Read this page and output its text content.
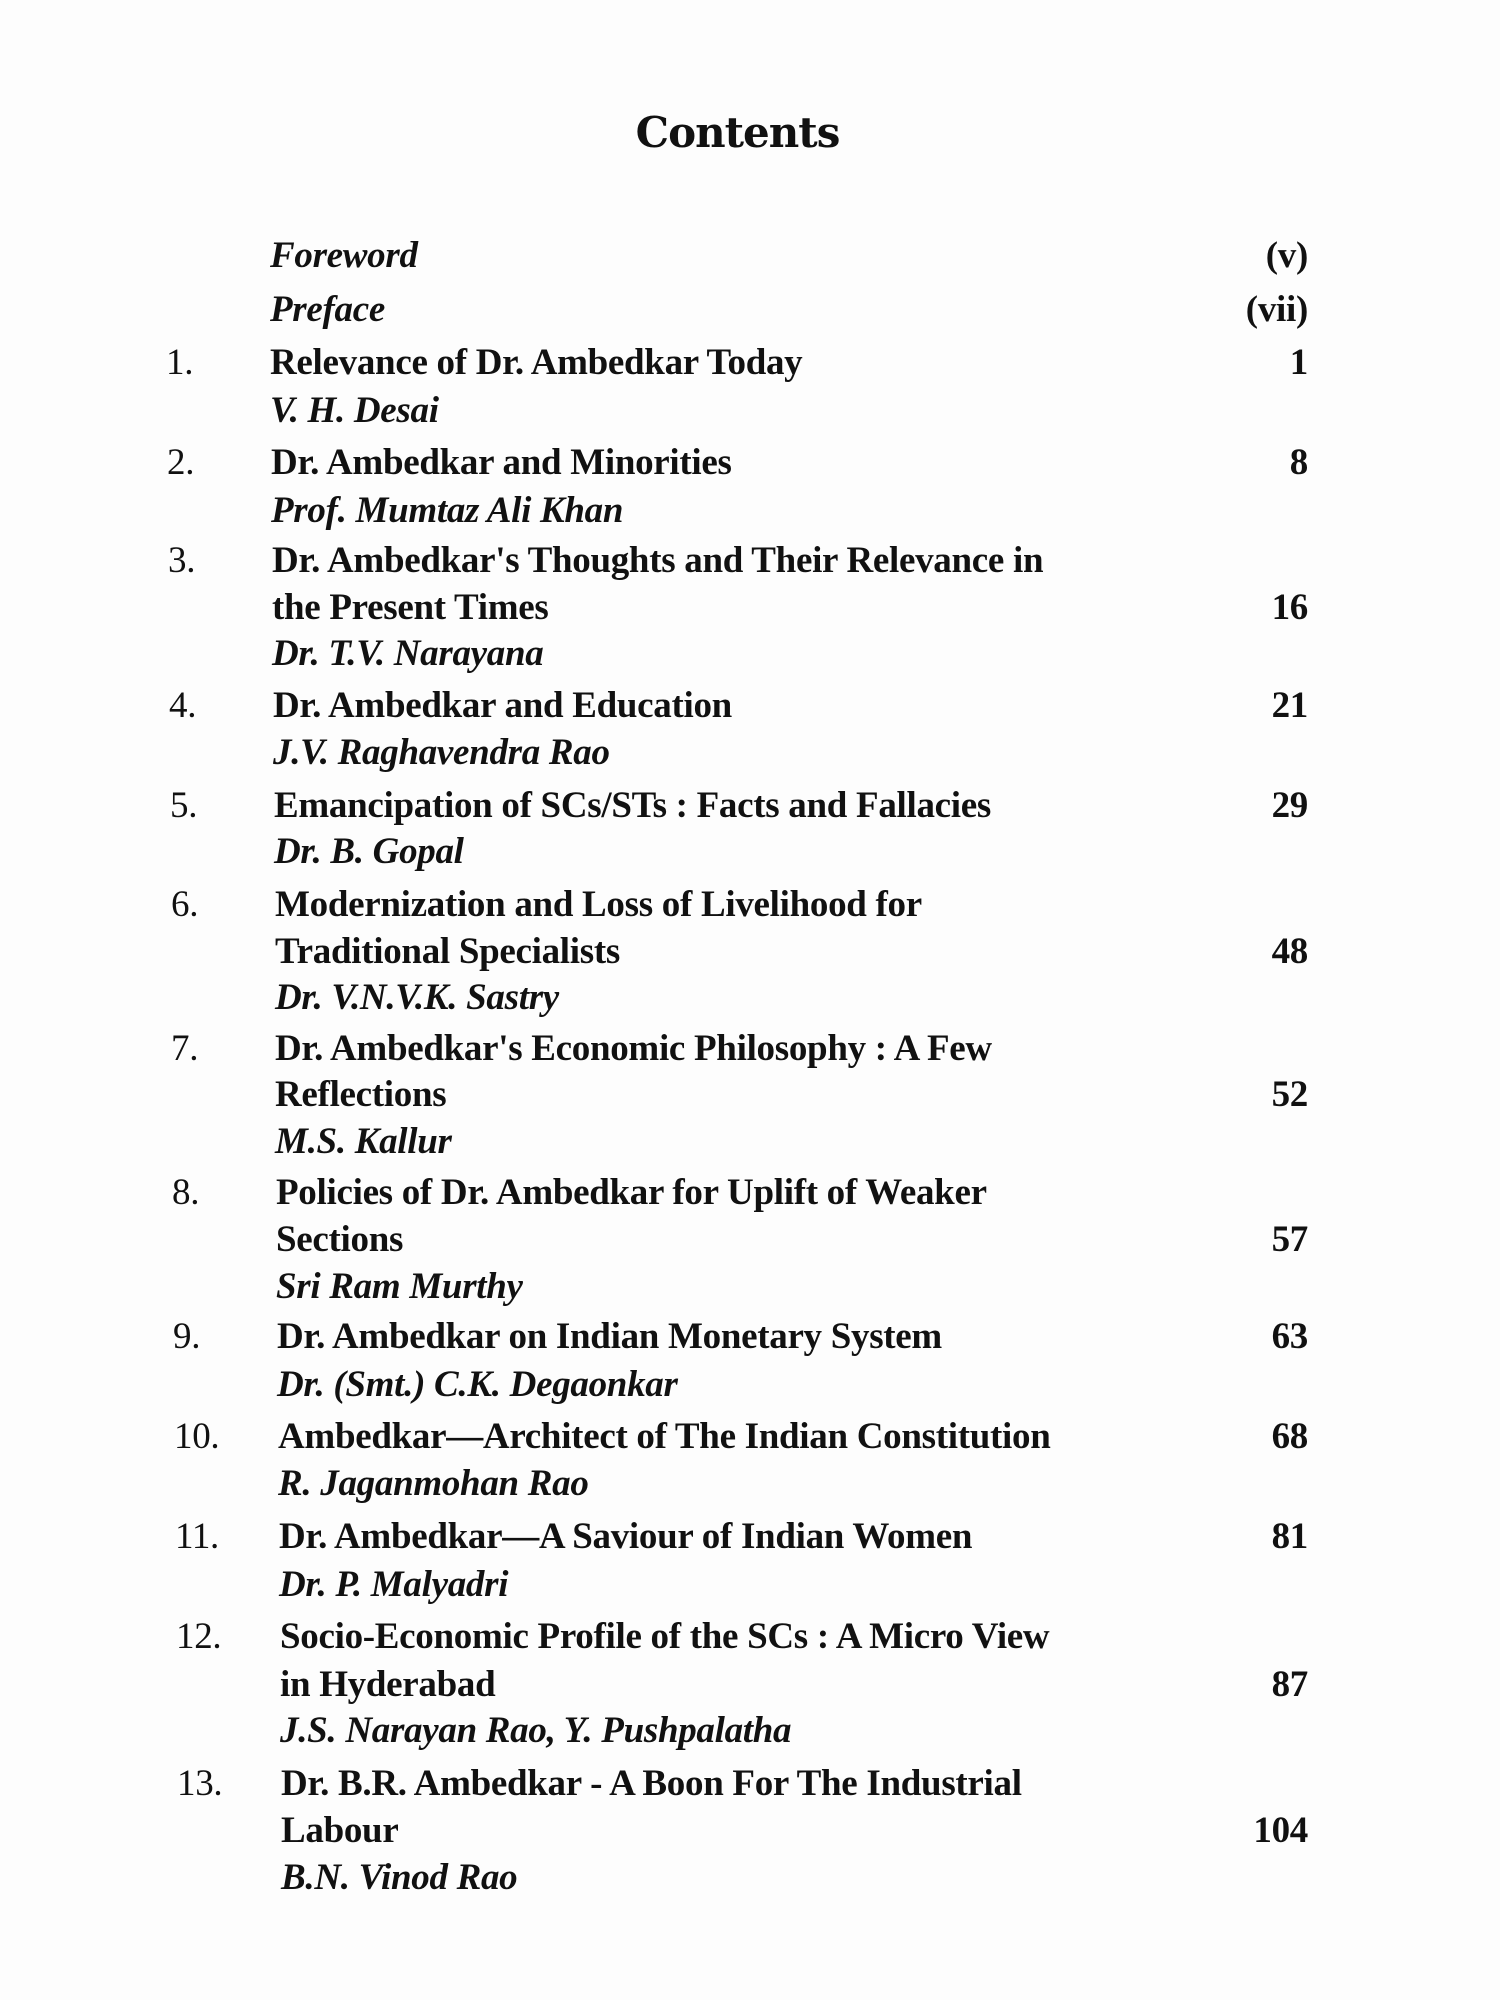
Contents
Foreword	(v)
Preface	(vii)
1. Relevance of Dr. Ambedkar Today
V. H. Desai
1
2. Dr. Ambedkar and Minorities
Prof. Mumtaz Ali Khan
8
3. Dr. Ambedkar's Thoughts and Their Relevance in
the Present Times
Dr. T.V. Narayana
16
4. Dr. Ambedkar and Education
J.V. Raghavendra Rao
21
5. Emancipation of SCs/STs : Facts and Fallacies
Dr. B. Gopal
29
6. Modernization and Loss of Livelihood for
Traditional Specialists
Dr. V.N.V.K. Sastry
48
7. Dr. Ambedkar's Economic Philosophy : A Few
Reflections
M.S. Kallur
52
8. Policies of Dr. Ambedkar for Uplift of Weaker
Sections
Sri Ram Murthy
57
9. Dr. Ambedkar on Indian Monetary System
Dr. (Smt.) C.K. Degaonkar
63
10. Ambedkar—Architect of The Indian Constitution
R. Jaganmohan Rao
68
11. Dr. Ambedkar—A Saviour of Indian Women
Dr. P. Malyadri
81
12. Socio-Economic Profile of the SCs : A Micro View
in Hyderabad
J.S. Narayan Rao, Y. Pushpalatha
87
13. Dr. B.R. Ambedkar - A Boon For The Industrial
Labour
B.N. Vinod Rao
104
